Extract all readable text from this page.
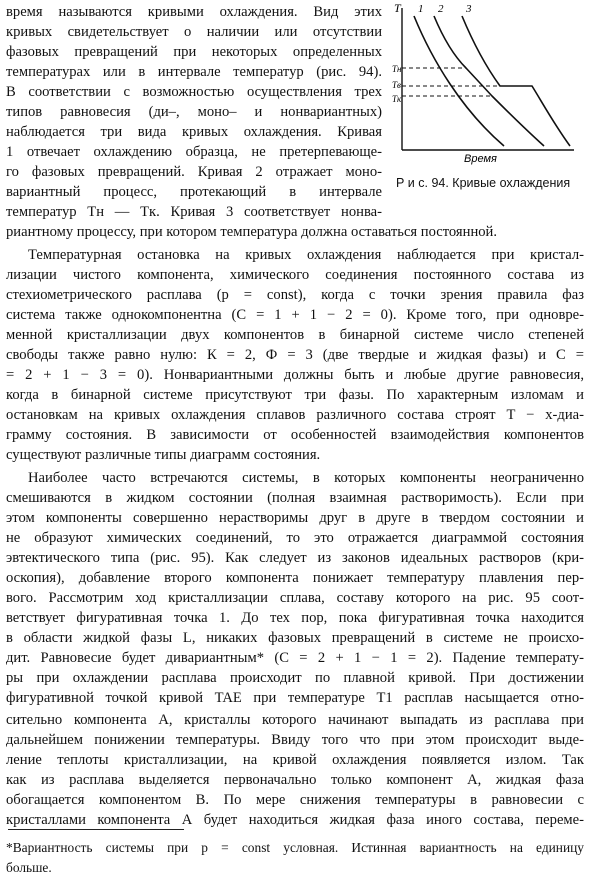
время называются кривыми охлаждения. Вид этих
кривых свидетельствует о наличии или отсутствии
фазовых превращений при некоторых определенных
температурах или в интервале температур (рис. 94).
В соответствии с возможностью осуществления трех
типов равновесия (ди–, моно– и нонвариантных)
наблюдается три вида кривых охлаждения. Кривая
1 отвечает охлаждению образца, не претерпевающе-
го фазовых превращений. Кривая 2 отражает моно-
вариантный процесс, протекающий в интервале
температур Tн — Tк. Кривая 3 соответствует нонва-
риантному процессу, при котором температура должна оставаться постоянной.
Температурная остановка на кривых охлаждения наблюдается при кристал-
лизации чистого компонента, химического соединения постоянного состава из
стехиометрического расплава (p = const), когда с точки зрения правила фаз
система также однокомпонентна (С = 1 + 1 − 2 = 0). Кроме того, при одновре-
менной кристаллизации двух компонентов в бинарной системе число степеней
свободы также равно нулю: К = 2, Ф = 3 (две твердые и жидкая фазы) и С =
= 2 + 1 − 3 = 0). Нонвариантными должны быть и любые другие равновесия,
когда в бинарной системе присутствуют три фазы. По характерным изломам и
остановкам на кривых охлаждения сплавов различного состава строят T − x-диа-
грамму состояния. В зависимости от особенностей взаимодействия компонентов
существуют различные типы диаграмм состояния.
Наиболее часто встречаются системы, в которых компоненты неограниченно
смешиваются в жидком состоянии (полная взаимная растворимость). Если при
этом компоненты совершенно нерастворимы друг в друге в твердом состоянии и
не образуют химических соединений, то это отражается диаграммой состояния
эвтектического типа (рис. 95). Как следует из законов идеальных растворов (кри-
оскопия), добавление второго компонента понижает температуру плавления пер-
вого. Рассмотрим ход кристаллизации сплава, составу которого на рис. 95 соот-
ветствует фигуративная точка 1. До тех пор, пока фигуративная точка находится
в области жидкой фазы L, никаких фазовых превращений в системе не происхо-
дит. Равновесие будет дивариантным* (С = 2 + 1 − 1 = 2). Падение температу-
ры при охлаждении расплава происходит по плавной кривой. При достижении
фигуративной точкой кривой TAE при температуре T1 расплав насыщается отно-
сительно компонента А, кристаллы которого начинают выпадать из расплава при
дальнейшем понижении температуры. Ввиду того что при этом происходит выде-
ление теплоты кристаллизации, на кривой охлаждения появляется излом. Так
как из расплава выделяется первоначально только компонент А, жидкая фаза
обогащается компонентом В. По мере снижения температуры в равновесии с
кристаллами компонента А будет находиться жидкая фаза иного состава, переме-
T 1 2 3
Tн
Tв
Tк
Время
Р и с. 94. Кривые охлаждения
*Вариантность системы при p = const условная. Истинная вариантность на единицу
больше.
